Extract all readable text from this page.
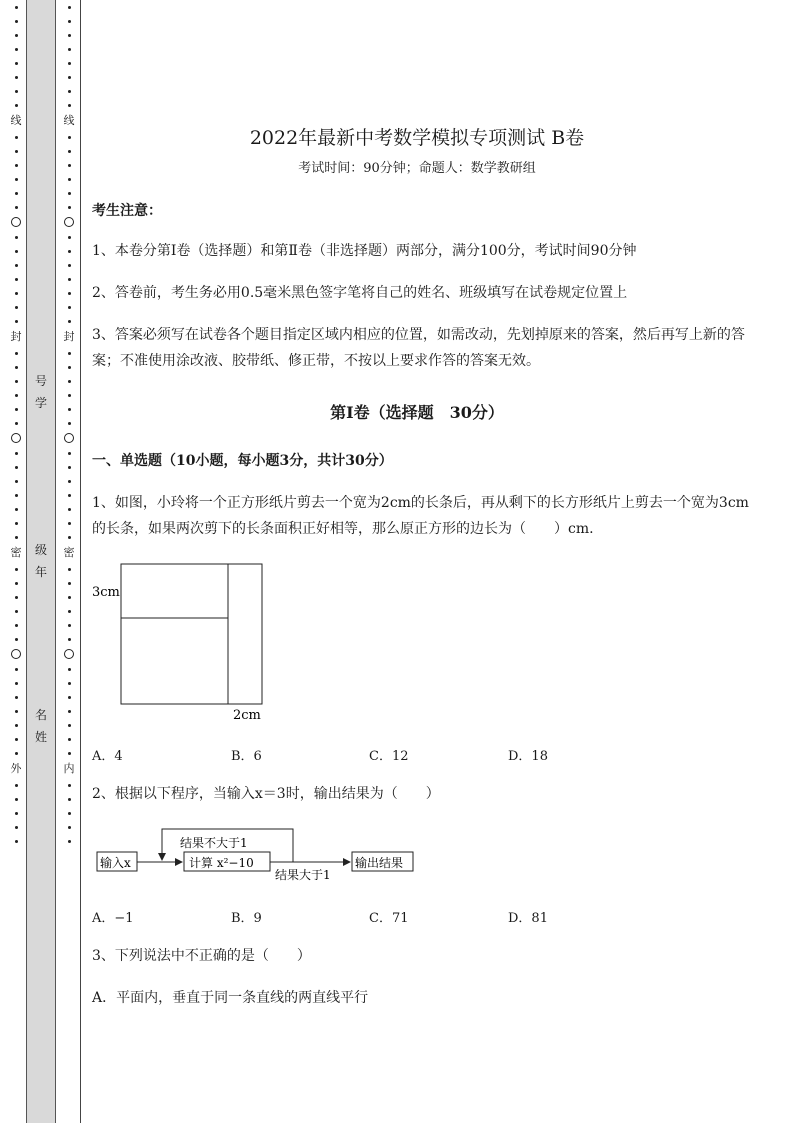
线
封
密
外
号
学
级
年
名
姓
线
封
密
内
2022年最新中考数学模拟专项测试 B卷
考试时间：90分钟；命题人：数学教研组
考生注意：
1、本卷分第Ⅰ卷（选择题）和第Ⅱ卷（非选择题）两部分，满分100分，考试时间90分钟
2、答卷前，考生务必用0.5毫米黑色签字笔将自己的姓名、班级填写在试卷规定位置上
3、答案必须写在试卷各个题目指定区域内相应的位置，如需改动，先划掉原来的答案，然后再写上新的答案；不准使用涂改液、胶带纸、修正带，不按以上要求作答的答案无效。
第Ⅰ卷（选择题　30分）
一、单选题（10小题，每小题3分，共计30分）
1、如图，小玲将一个正方形纸片剪去一个宽为2cm的长条后，再从剩下的长方形纸片上剪去一个宽为3cm的长条，如果两次剪下的长条面积正好相等，那么原正方形的边长为（　　）cm.
3cm
2cm
A．4	B．6	C．12	D．18
2、根据以下程序，当输入x＝3时，输出结果为（　　）
输入x	计算 x²−10
结果不大于1
结果大于1
输出结果
A．−1	B．9	C．71	D．81
3、下列说法中不正确的是（　　）
A．平面内，垂直于同一条直线的两直线平行
